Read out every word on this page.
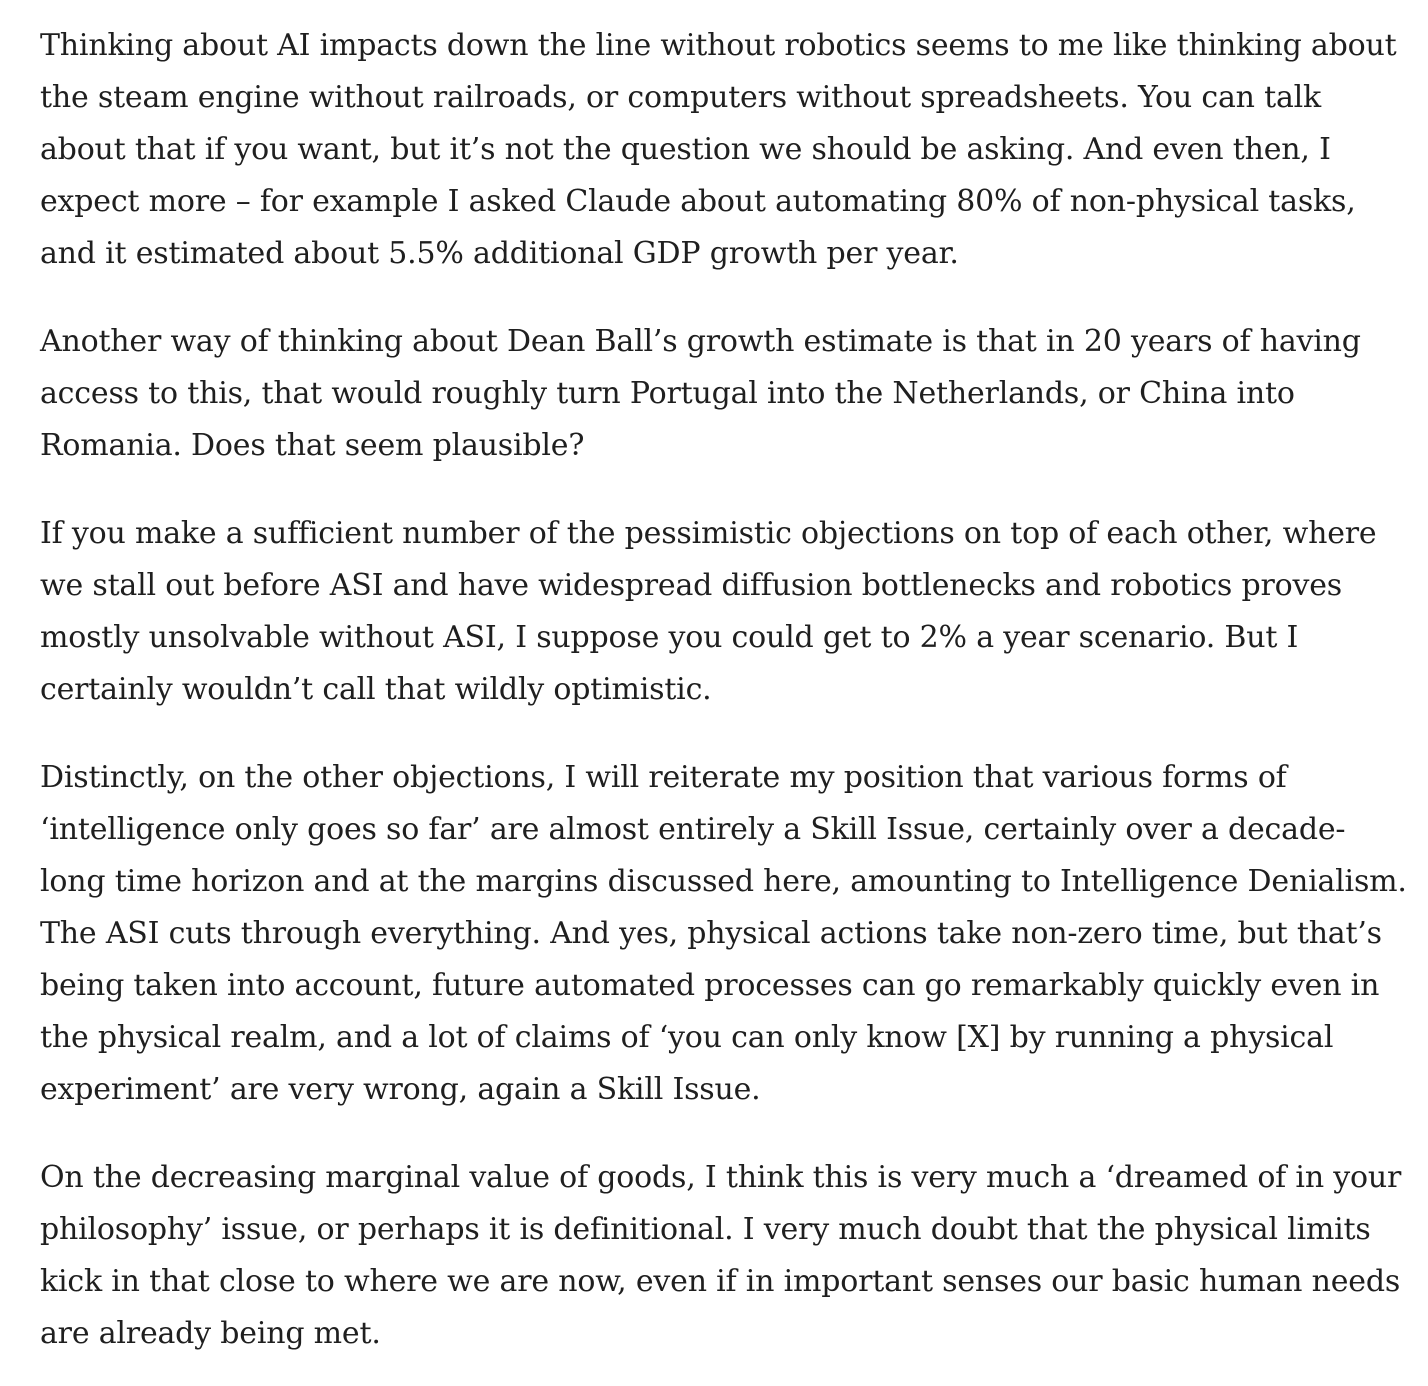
Thinking about AI impacts down the line without robotics seems to me like thinking about the steam engine without railroads, or computers without spreadsheets. You can talk about that if you want, but it’s not the question we should be asking. And even then, I expect more – for example I asked Claude about automating 80% of non-physical tasks, and it estimated about 5.5% additional GDP growth per year.

Another way of thinking about Dean Ball’s growth estimate is that in 20 years of having access to this, that would roughly turn Portugal into the Netherlands, or China into Romania. Does that seem plausible?

If you make a sufficient number of the pessimistic objections on top of each other, where we stall out before ASI and have widespread diffusion bottlenecks and robotics proves mostly unsolvable without ASI, I suppose you could get to 2% a year scenario. But I certainly wouldn’t call that wildly optimistic.

Distinctly, on the other objections, I will reiterate my position that various forms of ‘intelligence only goes so far’ are almost entirely a Skill Issue, certainly over a decade-long time horizon and at the margins discussed here, amounting to Intelligence Denialism. The ASI cuts through everything. And yes, physical actions take non-zero time, but that’s being taken into account, future automated processes can go remarkably quickly even in the physical realm, and a lot of claims of ‘you can only know [X] by running a physical experiment’ are very wrong, again a Skill Issue.

On the decreasing marginal value of goods, I think this is very much a ‘dreamed of in your philosophy’ issue, or perhaps it is definitional. I very much doubt that the physical limits kick in that close to where we are now, even if in important senses our basic human needs are already being met.
